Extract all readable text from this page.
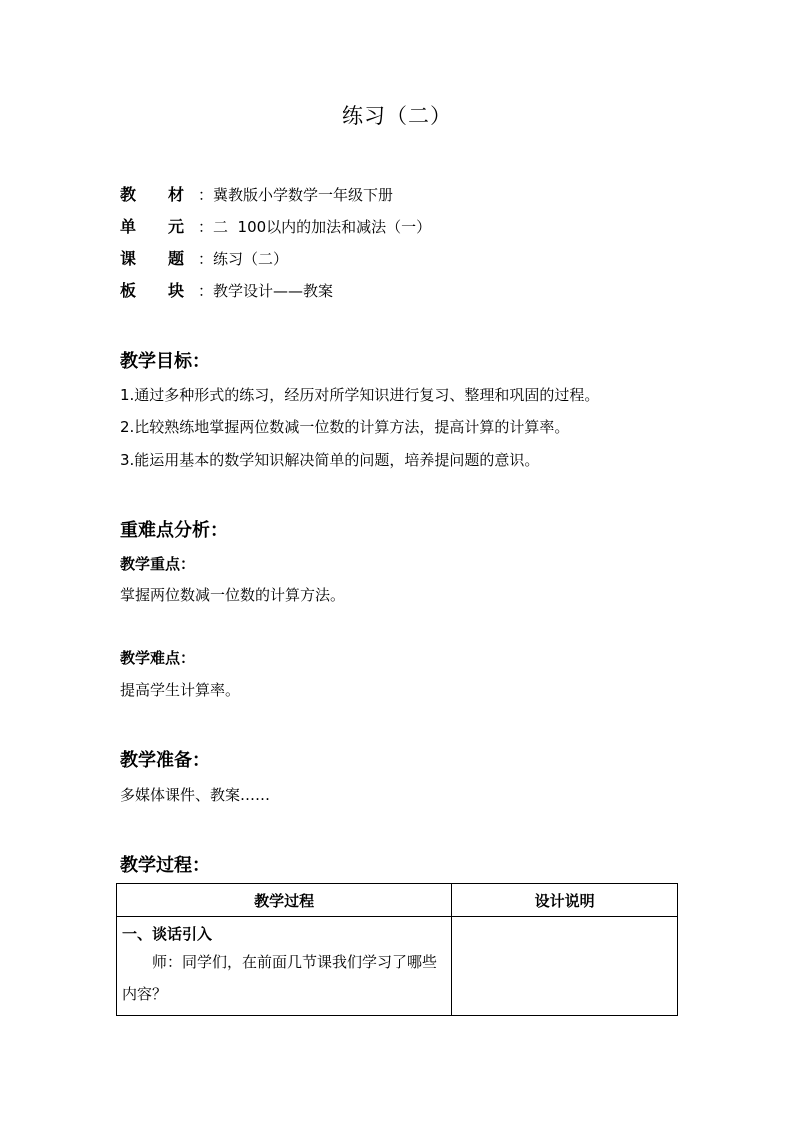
练习（二）
教 材 ：冀教版小学数学一年级下册
单 元 ：二  100以内的加法和减法（一）
课 题 ：练习（二）
板 块 ：教学设计——教案
教学目标：
1.通过多种形式的练习，经历对所学知识进行复习、整理和巩固的过程。
2.比较熟练地掌握两位数减一位数的计算方法，提高计算的计算率。
3.能运用基本的数学知识解决简单的问题，培养提问题的意识。
重难点分析：
教学重点：
掌握两位数减一位数的计算方法。
教学难点：
提高学生计算率。
教学准备：
多媒体课件、教案……
教学过程：
教学过程	设计说明

一、谈话引入
师：同学们，在前面几节课我们学习了哪些内容？	
